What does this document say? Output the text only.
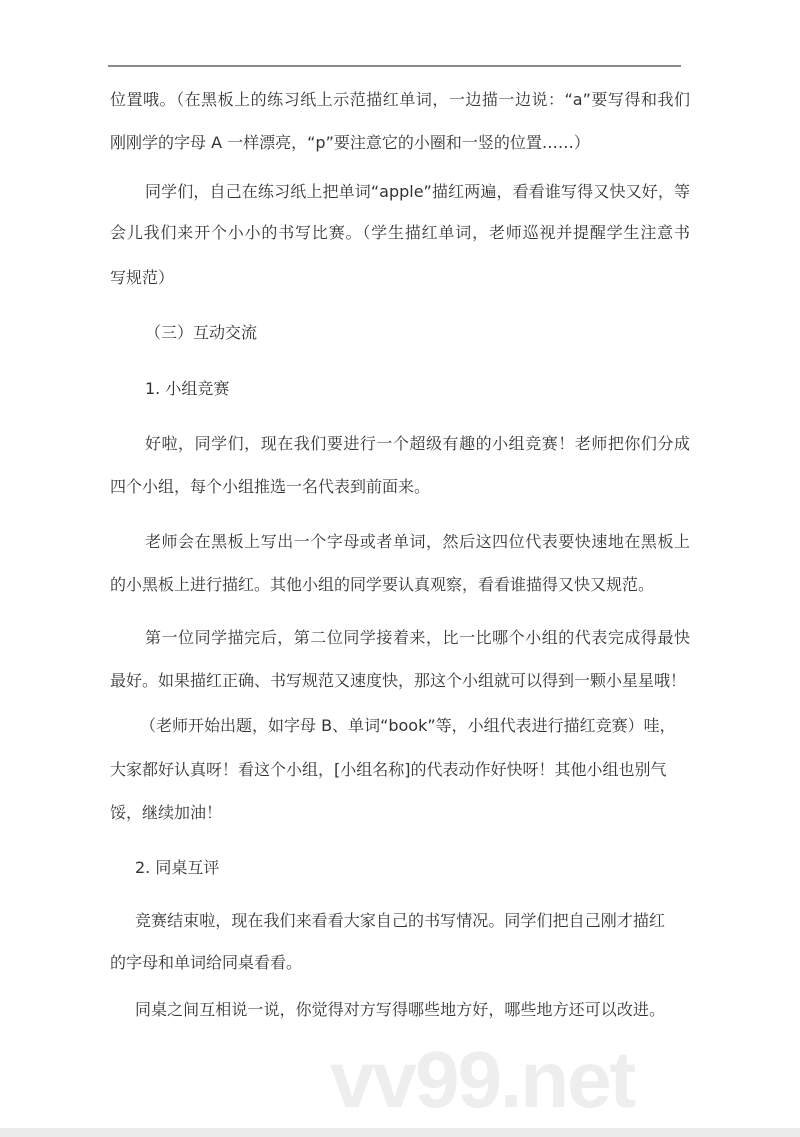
位置哦。（在黑板上的练习纸上示范描红单词，一边描一边说：“a”要写得和我们
刚刚学的字母 A 一样漂亮，“p”要注意它的小圈和一竖的位置……）
同学们，自己在练习纸上把单词“apple”描红两遍，看看谁写得又快又好，等
会儿我们来开个小小的书写比赛。（学生描红单词，老师巡视并提醒学生注意书
写规范）
（三）互动交流
1. 小组竞赛
好啦，同学们，现在我们要进行一个超级有趣的小组竞赛！老师把你们分成
四个小组，每个小组推选一名代表到前面来。
老师会在黑板上写出一个字母或者单词，然后这四位代表要快速地在黑板上
的小黑板上进行描红。其他小组的同学要认真观察，看看谁描得又快又规范。
第一位同学描完后，第二位同学接着来，比一比哪个小组的代表完成得最快
最好。如果描红正确、书写规范又速度快，那这个小组就可以得到一颗小星星哦！
（老师开始出题，如字母 B、单词“book”等，小组代表进行描红竞赛）哇，
大家都好认真呀！看这个小组，[小组名称]的代表动作好快呀！其他小组也别气
馁，继续加油！
2. 同桌互评
竞赛结束啦，现在我们来看看大家自己的书写情况。同学们把自己刚才描红
的字母和单词给同桌看看。
同桌之间互相说一说，你觉得对方写得哪些地方好，哪些地方还可以改进。
vv99.net
